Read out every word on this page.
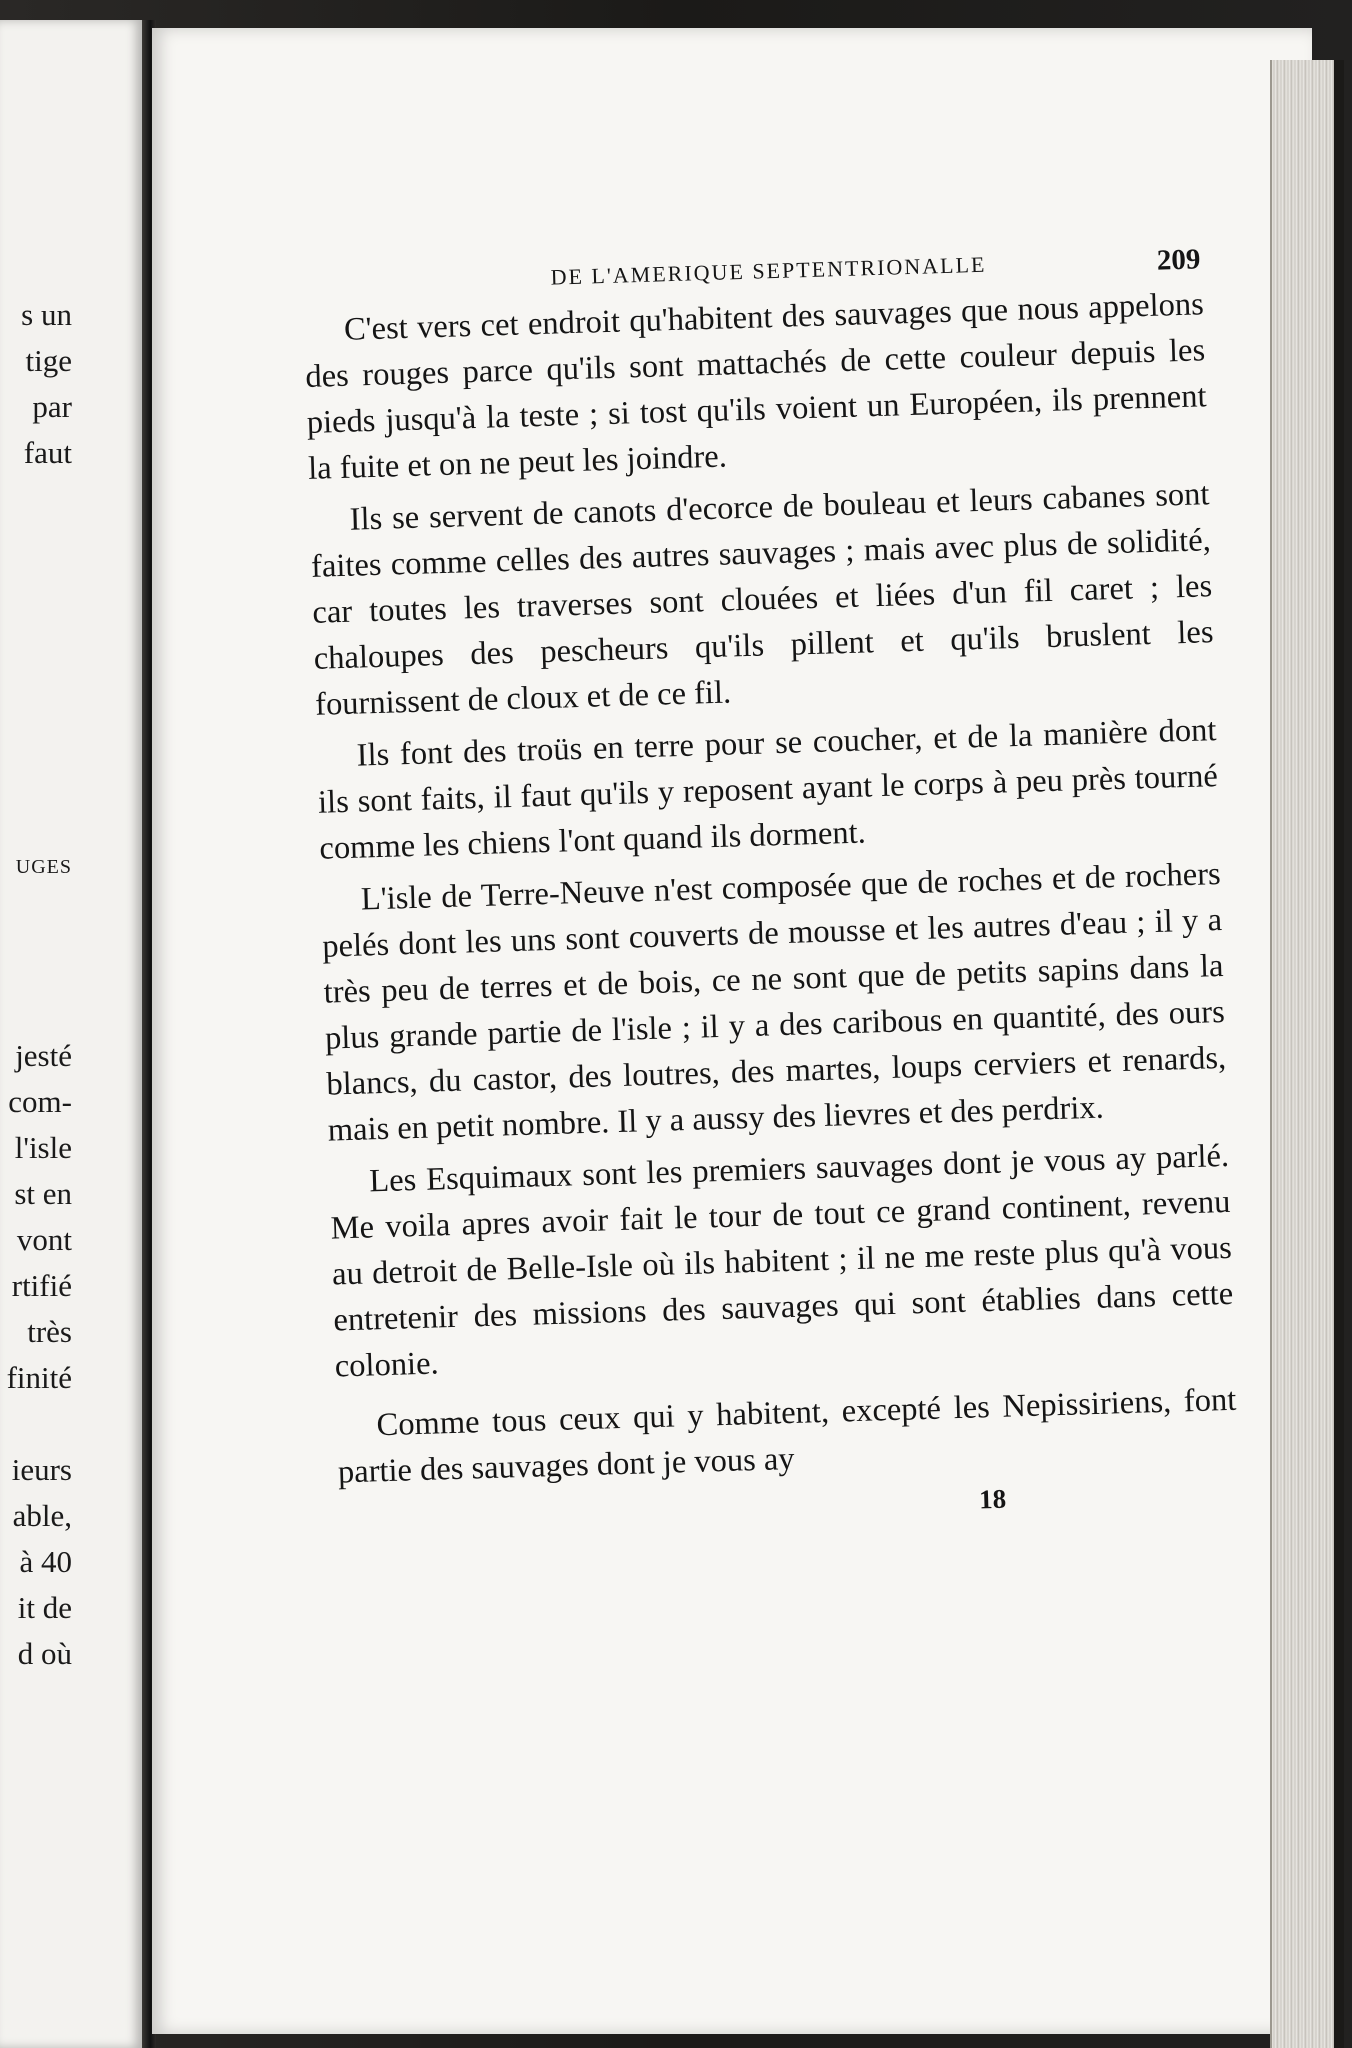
s un
tige
par
faut
UGES
jesté
com-
l'isle
st en
vont
rtifié
très
finité
ieurs
able,
à 40
it de
d où
DE L'AMERIQUE SEPTENTRIONALLE	209

C'est vers cet endroit qu'habitent des sauvages que nous appelons des rouges parce qu'ils sont mattachés de cette couleur depuis les pieds jusqu'à la teste ; si tost qu'ils voient un Européen, ils prennent la fuite et on ne peut les joindre.

Ils se servent de canots d'ecorce de bouleau et leurs cabanes sont faites comme celles des autres sauvages ; mais avec plus de solidité, car toutes les traverses sont clouées et liées d'un fil caret ; les chaloupes des pescheurs qu'ils pillent et qu'ils bruslent les fournissent de cloux et de ce fil.

Ils font des troüs en terre pour se coucher, et de la manière dont ils sont faits, il faut qu'ils y reposent ayant le corps à peu près tourné comme les chiens l'ont quand ils dorment.

L'isle de Terre-Neuve n'est composée que de roches et de rochers pelés dont les uns sont couverts de mousse et les autres d'eau ; il y a très peu de terres et de bois, ce ne sont que de petits sapins dans la plus grande partie de l'isle ; il y a des caribous en quantité, des ours blancs, du castor, des loutres, des martes, loups cerviers et renards, mais en petit nombre. Il y a aussy des lievres et des perdrix.

Les Esquimaux sont les premiers sauvages dont je vous ay parlé. Me voila apres avoir fait le tour de tout ce grand continent, revenu au detroit de Belle-Isle où ils habitent ; il ne me reste plus qu'à vous entretenir des missions des sauvages qui sont établies dans cette colonie.

Comme tous ceux qui y habitent, excepté les Nepissiriens, font partie des sauvages dont je vous ay

18
